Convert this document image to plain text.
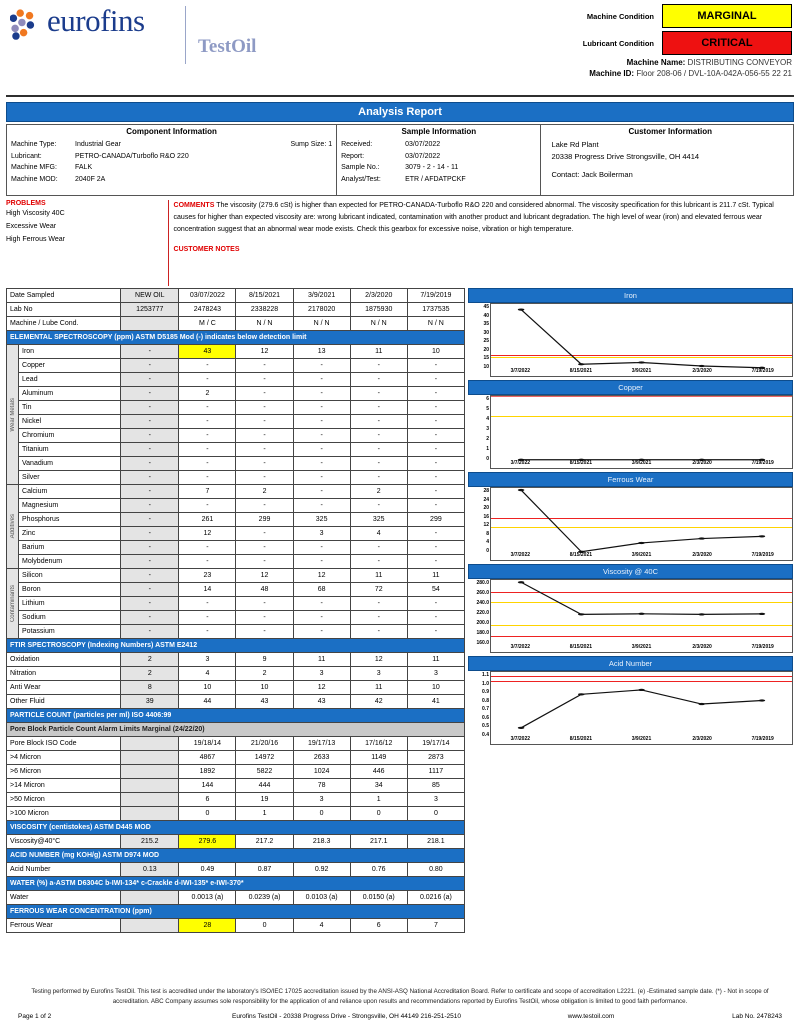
eurofins
TestOil
Machine Condition	MARGINAL
Lubricant Condition	CRITICAL
Machine Name: DISTRIBUTING CONVEYOR
Machine ID: Floor 208-06 / DVL-10A-042A-056-55 22 21
Analysis Report
Component Information
Machine Type:	Industrial Gear	Sump Size: 1
Lubricant:	PETRO-CANADA/Turboflo R&O 220
Machine MFG:	FALK
Machine MOD:	2040F 2A
Sample Information
Received:	03/07/2022
Report:	03/07/2022
Sample No.:	3079 - 2 - 14 - 11
Analyst/Test:	ETR / AFDATPCKF
Customer Information
Lake Rd Plant
20338 Progress Drive Strongsville, OH 4414
Contact: Jack Boilerman
PROBLEMS
High Viscosity 40C
Excessive Wear
High Ferrous Wear
COMMENTS The viscosity (279.6 cSt) is higher than expected for PETRO-CANADA-Turboflo R&O 220 and considered abnormal. The viscosity specification for this lubricant is 211.7 cSt. Typical causes for higher than expected viscosity are: wrong lubricant indicated, contamination with another product and lubricant degradation. The high level of wear (iron) and elevated ferrous wear concentration suggest that an abnormal wear mode exists. Check this gearbox for excessive noise, vibration or high temperature.
CUSTOMER NOTES
Date Sampled		NEW OIL	03/07/2022	8/15/2021	3/9/2021	2/3/2020	7/19/2019
Lab No		1253777	2478243	2338228	2178020	1875930	1737535
Machine / Lube Cond.			M / C	N / N	N / N	N / N	N / N
ELEMENTAL SPECTROSCOPY (ppm) ASTM D5185 Mod (-) indicates below detection limit							

Wear Metals	Iron	-	43	12	13	11	10
	Copper	-	-	-	-	-	-
	Lead	-	-	-	-	-	-
	Aluminum	-	2	-	-	-	-
	Tin	-	-	-	-	-	-
	Nickel	-	-	-	-	-	-
	Chromium	-	-	-	-	-	-
	Titanium	-	-	-	-	-	-
	Vanadium	-	-	-	-	-	-
	Silver	-	-	-	-	-	-

Additives	Calcium	-	7	2	-	2	-
	Magnesium	-	-	-	-	-	-
	Phosphorus	-	261	299	325	325	299
	Zinc	-	12	-	3	4	-
	Barium	-	-	-	-	-	-
	Molybdenum	-	-	-	-	-	-

Contaminants	Silicon	-	23	12	12	11	11
	Boron	-	14	48	68	72	54
	Lithium	-	-	-	-	-	-
	Sodium	-	-	-	-	-	-
	Potassium	-	-	-	-	-	-
FTIR SPECTROSCOPY (Indexing Numbers) ASTM E2412							
Oxidation		2	3	9	11	12	11
Nitration		2	4	2	3	3	3
Anti Wear		8	10	10	12	11	10
Other Fluid		39	44	43	43	42	41
PARTICLE COUNT (particles per ml) ISO 4406:99							
Pore Block Particle Count Alarm Limits Marginal (24/22/20)							
Pore Block ISO Code			19/18/14	21/20/16	19/17/13	17/16/12	19/17/14
>4 Micron			4867	14972	2633	1149	2873
>6 Micron			1892	5822	1024	446	1117
>14 Micron			144	444	78	34	85
>50 Micron			6	19	3	1	3
>100 Micron			0	1	0	0	0
VISCOSITY (centistokes) ASTM D445 MOD							
Viscosity@40°C		215.2	279.6	217.2	218.3	217.1	218.1
ACID NUMBER (mg KOH/g) ASTM D974 MOD							
Acid Number		0.13	0.49	0.87	0.92	0.76	0.80
WATER (%) a-ASTM D6304C b-IWI-134* c-Crackle d-IWI-135* e-IWI-370*							
Water			0.0013 (a)	0.0239 (a)	0.0103 (a)	0.0150 (a)	0.0216 (a)
FERROUS WEAR CONCENTRATION (ppm)							
Ferrous Wear			28	0	4	6	7
Iron
10
15
20
25
30
35
40
45
3/7/2022	8/15/2021	3/9/2021	2/3/2020	7/19/2019
Copper
0
1
2
3
4
5
6
3/7/2022	8/15/2021	3/9/2021	2/3/2020	7/19/2019
Ferrous Wear
0
4
8
12
16
20
24
28
3/7/2022	8/15/2021	3/9/2021	2/3/2020	7/19/2019
Viscosity @ 40C
160.0
180.0
200.0
220.0
240.0
260.0
280.0
3/7/2022	8/15/2021	3/9/2021	2/3/2020	7/19/2019
Acid Number
0.4
0.5
0.6
0.7
0.8
0.9
1.0
1.1
3/7/2022	8/15/2021	3/9/2021	2/3/2020	7/19/2019
Testing performed by Eurofins TestOil. This test is accredited under the laboratory's ISO/IEC 17025 accreditation issued by the ANSI-ASQ National Accreditation Board. Refer to certificate and scope of accreditation L2221. (e) -Estimated sample date. (*) - Not in scope of accreditation. ABC Company assumes sole responsibility for the application of and reliance upon results and recommendations reported by Eurofins TestOil, whose obligation is limited to good faith performance.
Page 1 of 2	Eurofins TestOil - 20338 Progress Drive - Strongsville, OH 44149 216-251-2510	www.testoil.com	Lab No. 2478243
